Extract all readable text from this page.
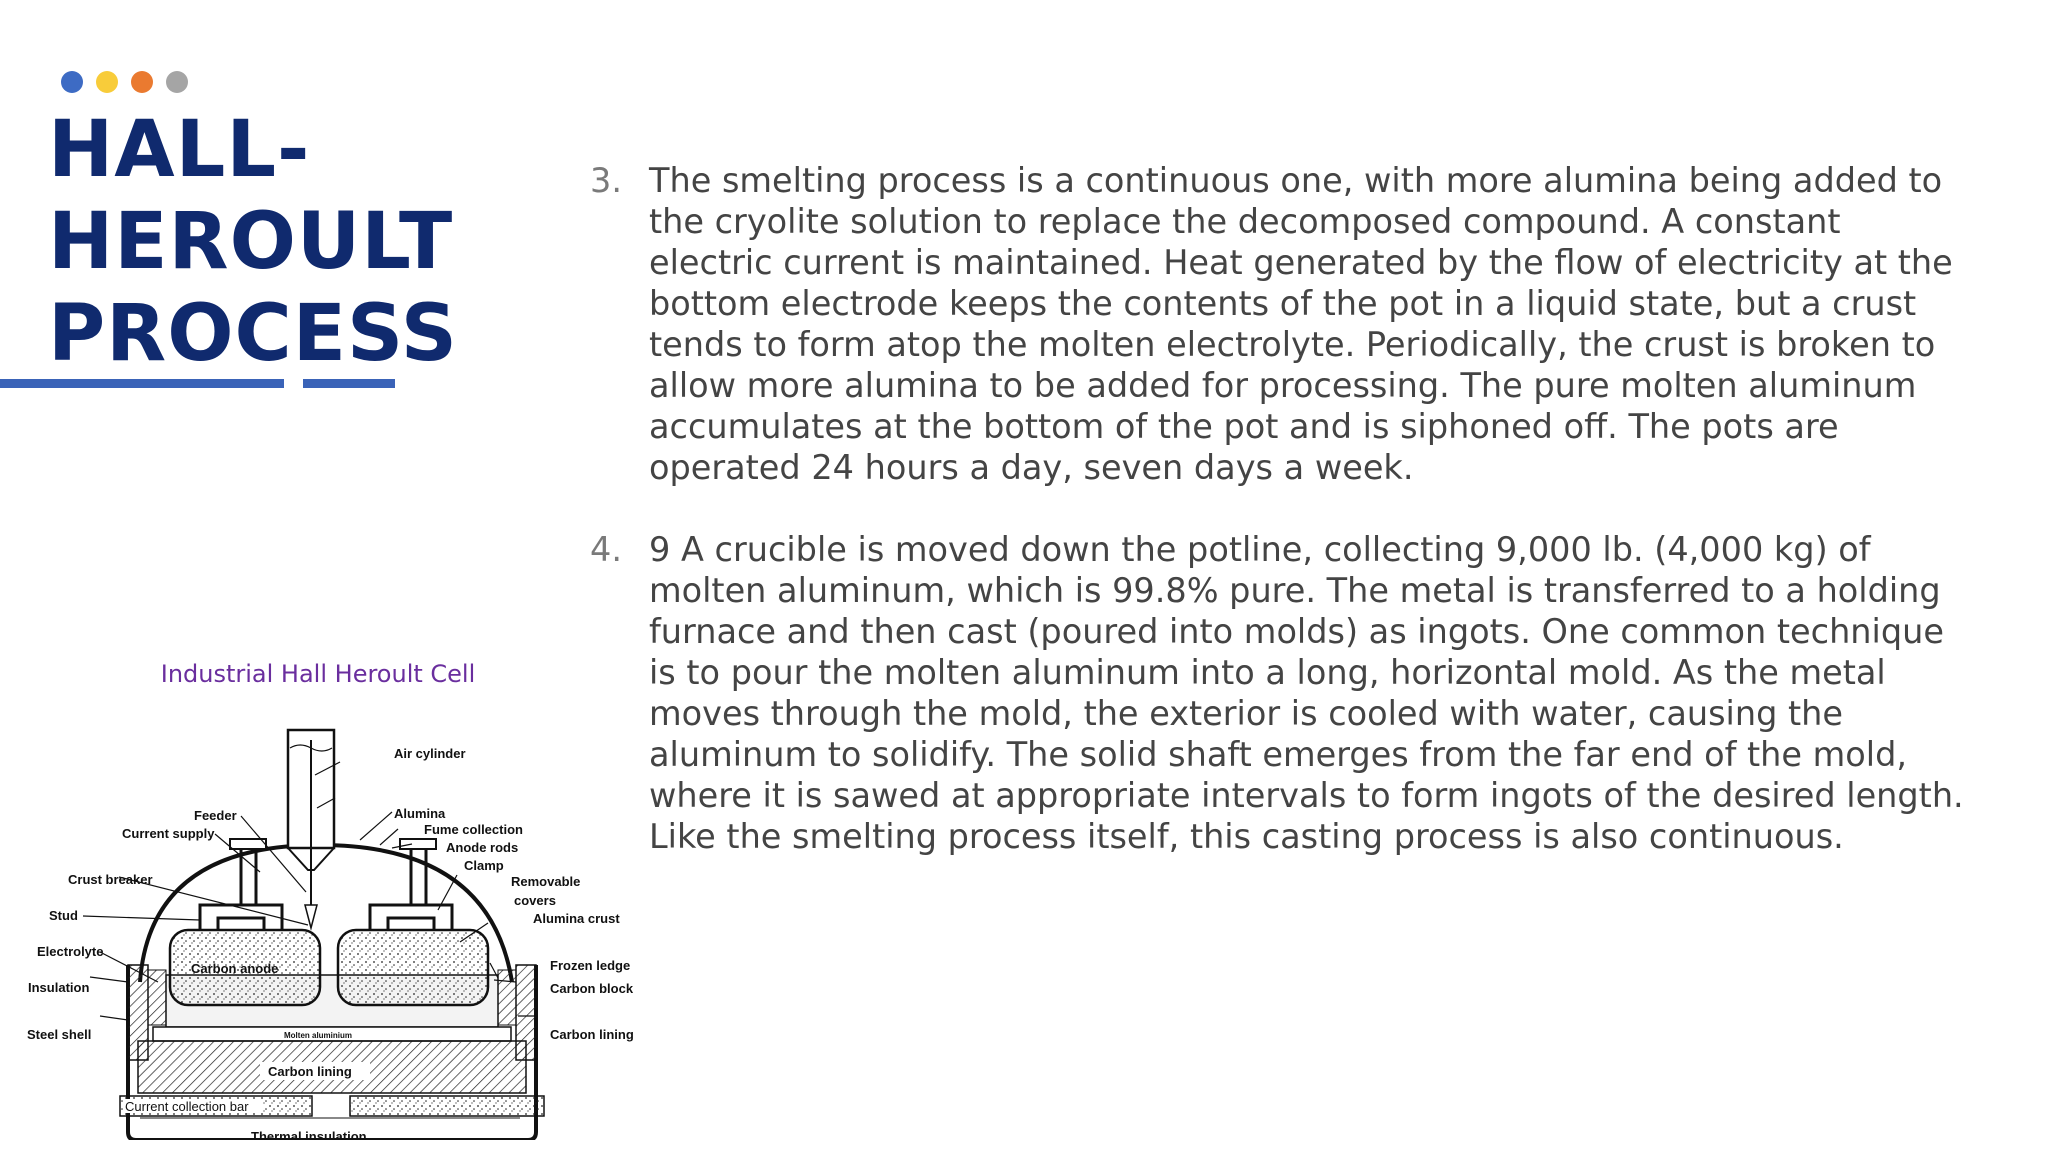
HALL-
HEROULT
PROCESS
3. The smelting process is a continuous one, with more alumina being added to the cryolite solution to replace the decomposed compound. A constant electric current is maintained. Heat generated by the flow of electricity at the bottom electrode keeps the contents of the pot in a liquid state, but a crust tends to form atop the molten electrolyte. Periodically, the crust is broken to allow more alumina to be added for processing. The pure molten aluminum accumulates at the bottom of the pot and is siphoned off. The pots are operated 24 hours a day, seven days a week.
4. 9 A crucible is moved down the potline, collecting 9,000 lb. (4,000 kg) of molten aluminum, which is 99.8% pure. The metal is transferred to a holding furnace and then cast (poured into molds) as ingots. One common technique is to pour the molten aluminum into a long, horizontal mold. As the metal moves through the mold, the exterior is cooled with water, causing the aluminum to solidify. The solid shaft emerges from the far end of the mold, where it is sawed at appropriate intervals to form ingots of the desired length. Like the smelting process itself, this casting process is also continuous.
Industrial Hall Heroult Cell
Air cylinder
Feeder	Alumina
Current supply	Fume collection
Anode rods
Clamp
Crust breaker	Removable
covers
Stud	Alumina crust
Electrolyte
Carbon anode	Frozen ledge
Insulation	Carbon block
Molten aluminium
Steel shell
Carbon lining
Carbon lining
Current collection bar
Thermal insulation
